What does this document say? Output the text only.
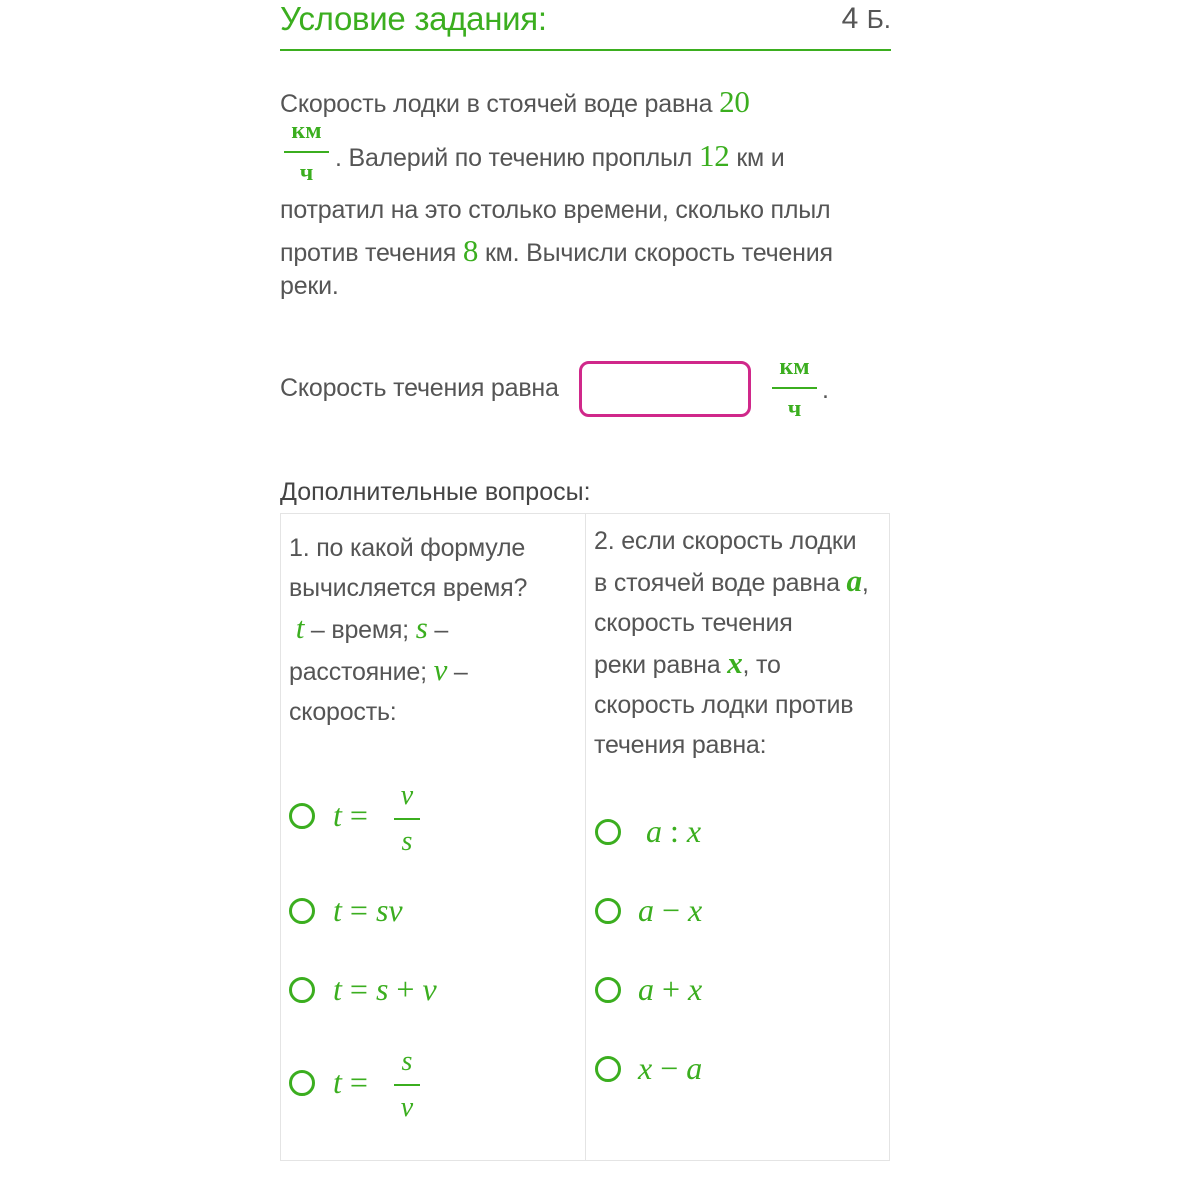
Условие задания:	4 Б.
Скорость лодки в стоячей воде равна 20
км
ч
. Валерий по течению проплыл 12 км и
потратил на это столько времени, сколько плыл
против течения 8 км. Вычисли скорость течения
реки.
Скорость течения равна
км
ч
.
Дополнительные вопросы:
1. по какой формуле
вычисляется время?
t – время; s –
расстояние; v –
скорость:
t =
v
s
t = sv
t = s + v
t =
s
v
2. если скорость лодки
в стоячей воде равна a,
скорость течения
реки равна x, то
скорость лодки против
течения равна:
a : x
a − x
a + x
x − a
